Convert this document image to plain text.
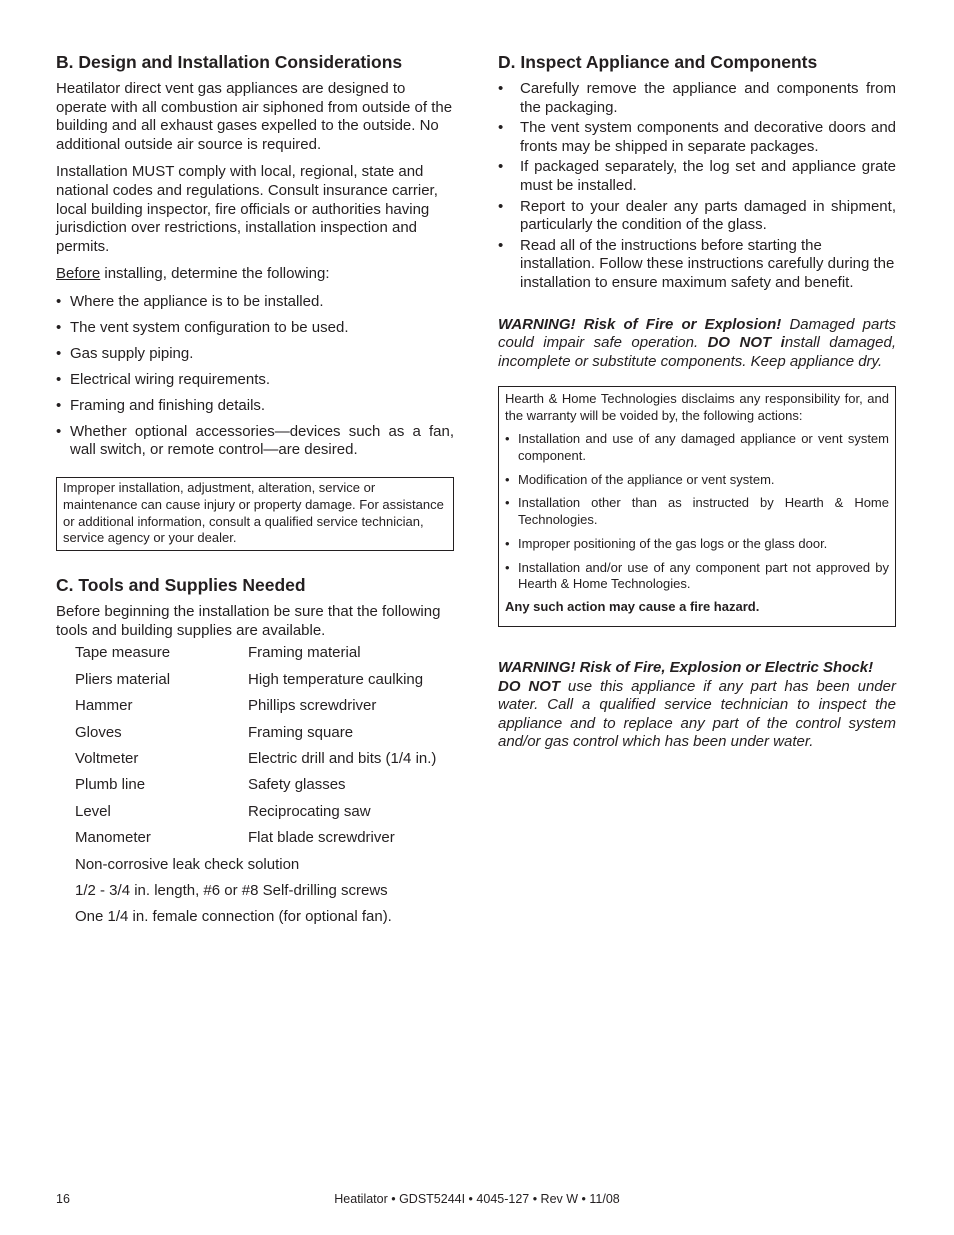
B. Design and Installation Considerations

Heatilator direct vent gas appliances are designed to operate with all combustion air siphoned from outside of the building and all exhaust gases expelled to the outside. No additional outside air source is required.

Installation MUST comply with local, regional, state and national codes and regulations. Consult insurance carrier, local building inspector, fire officials or authorities having jurisdiction over restrictions, installation inspection and permits.

Before installing, determine the following:

• Where the appliance is to be installed.
• The vent system configuration to be used.
• Gas supply piping.
• Electrical wiring requirements.
• Framing and finishing details.
• Whether optional accessories—devices such as a fan, wall switch, or remote control—are desired.
Improper installation, adjustment, alteration, service or maintenance can cause injury or property damage. For assistance or additional information, consult a qualified service technician, service agency or your dealer.
C. Tools and Supplies Needed

Before beginning the installation be sure that the following tools and building supplies are available.

Tape measure	Framing material
Pliers material	High temperature caulking
Hammer	Phillips screwdriver
Gloves	Framing square
Voltmeter	Electric drill and bits (1/4 in.)
Plumb line	Safety glasses
Level	Reciprocating saw
Manometer	Flat blade screwdriver
Non-corrosive leak check solution
1/2 - 3/4 in. length, #6 or #8 Self-drilling screws
One 1/4 in. female connection (for optional fan).
D. Inspect Appliance and Components
• Carefully remove the appliance and components from the packaging.
• The vent system components and decorative doors and fronts may be shipped in separate packages.
• If packaged separately, the log set and appliance grate must be installed.
• Report to your dealer any parts damaged in shipment, particularly the condition of the glass.
• Read all of the instructions before starting the installation. Follow these instructions carefully during the installation to ensure maximum safety and benefit.

WARNING! Risk of Fire or Explosion! Damaged parts could impair safe operation. DO NOT install damaged, incomplete or substitute components. Keep appliance dry.

Hearth & Home Technologies disclaims any responsibility for, and the warranty will be voided by, the following actions:
• Installation and use of any damaged appliance or vent system component.
• Modification of the appliance or vent system.
• Installation other than as instructed by Hearth & Home Technologies.
• Improper positioning of the gas logs or the glass door.
• Installation and/or use of any component part not approved by Hearth & Home Technologies.
Any such action may cause a fire hazard.

WARNING! Risk of Fire, Explosion or Electric Shock!
DO NOT use this appliance if any part has been under water. Call a qualified service technician to inspect the appliance and to replace any part of the control system and/or gas control which has been under water.

16	Heatilator • GDST5244I • 4045-127 • Rev W • 11/08
